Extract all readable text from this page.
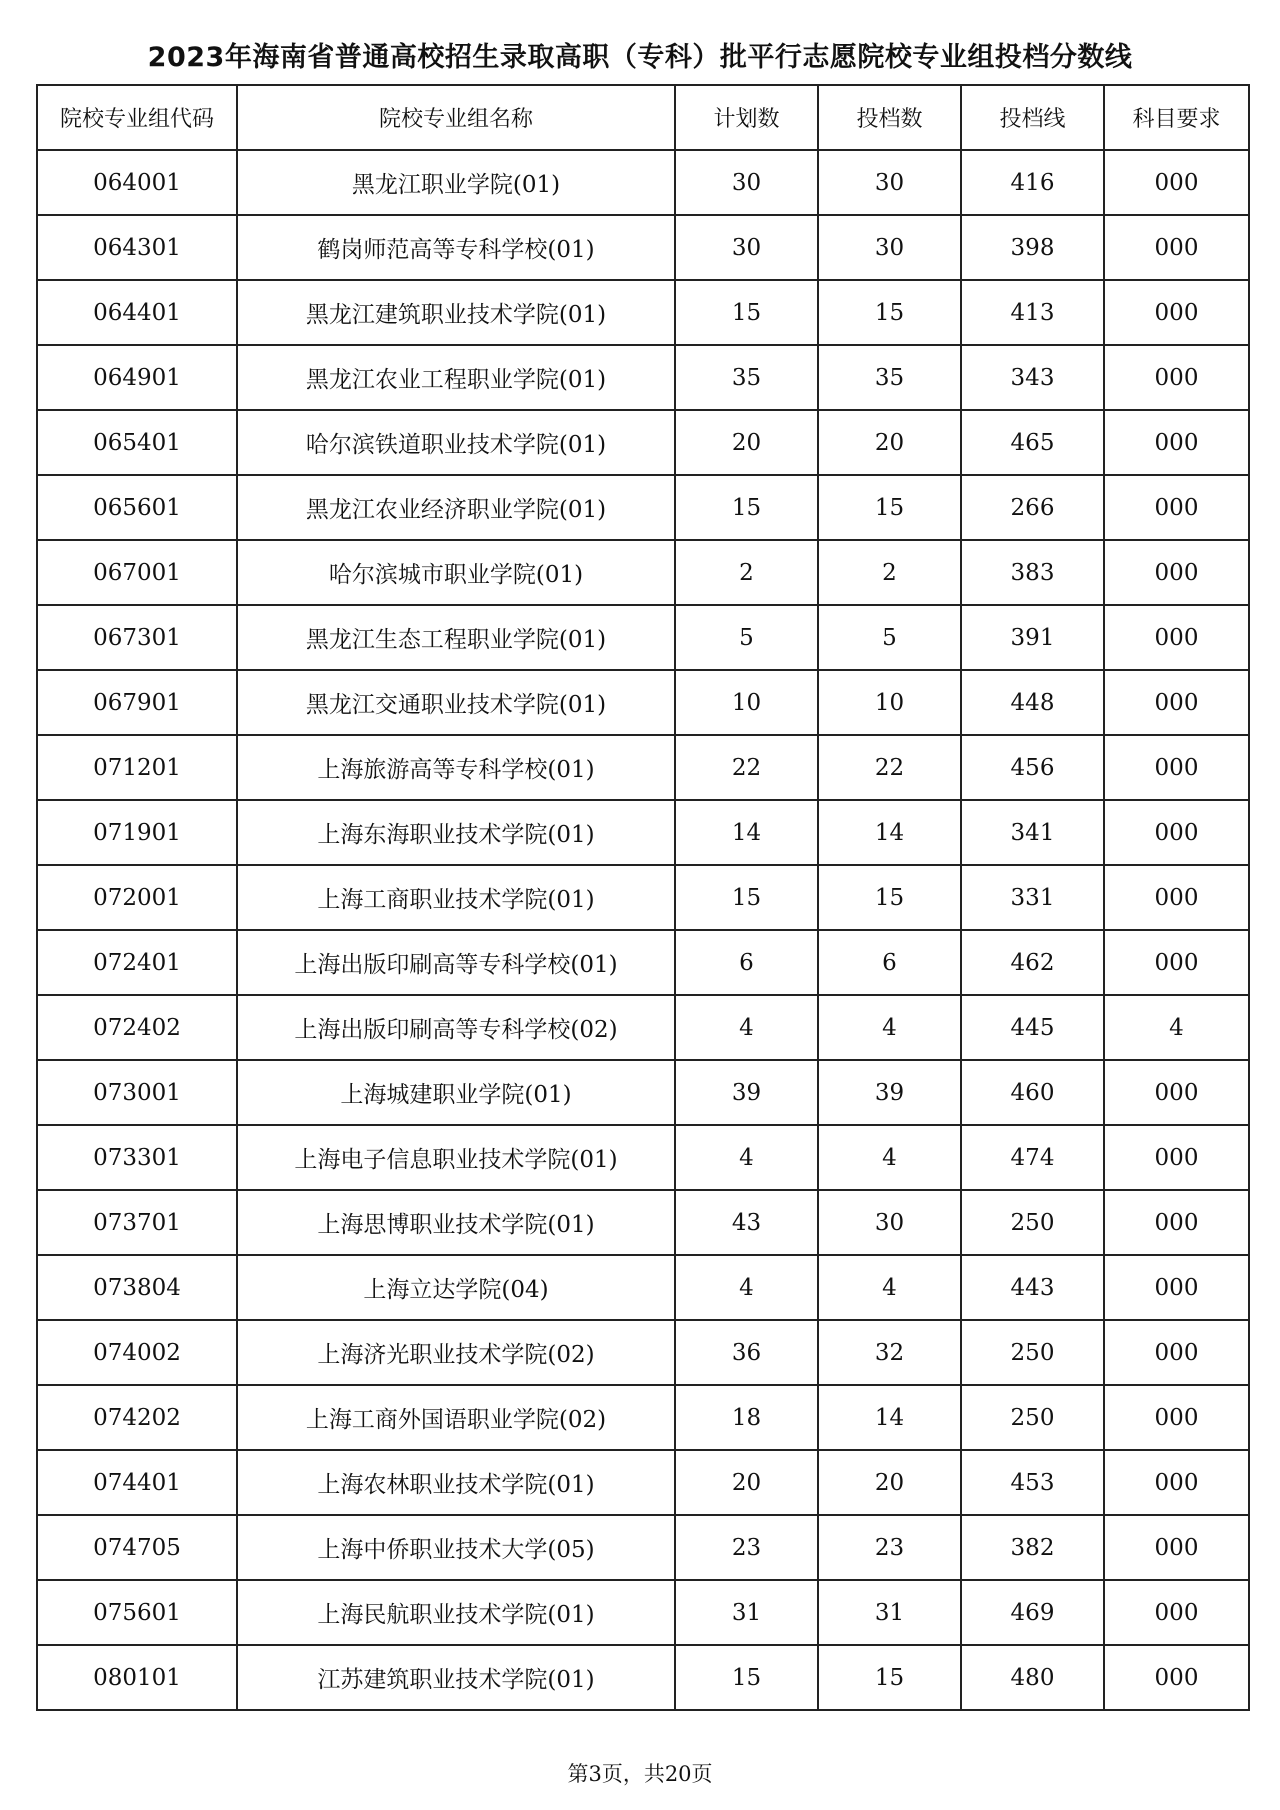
2023年海南省普通高校招生录取高职（专科）批平行志愿院校专业组投档分数线
院校专业组代码	院校专业组名称	计划数	投档数	投档线	科目要求
064001	黑龙江职业学院(01)	30	30	416	000
064301	鹤岗师范高等专科学校(01)	30	30	398	000
064401	黑龙江建筑职业技术学院(01)	15	15	413	000
064901	黑龙江农业工程职业学院(01)	35	35	343	000
065401	哈尔滨铁道职业技术学院(01)	20	20	465	000
065601	黑龙江农业经济职业学院(01)	15	15	266	000
067001	哈尔滨城市职业学院(01)	2	2	383	000
067301	黑龙江生态工程职业学院(01)	5	5	391	000
067901	黑龙江交通职业技术学院(01)	10	10	448	000
071201	上海旅游高等专科学校(01)	22	22	456	000
071901	上海东海职业技术学院(01)	14	14	341	000
072001	上海工商职业技术学院(01)	15	15	331	000
072401	上海出版印刷高等专科学校(01)	6	6	462	000
072402	上海出版印刷高等专科学校(02)	4	4	445	4
073001	上海城建职业学院(01)	39	39	460	000
073301	上海电子信息职业技术学院(01)	4	4	474	000
073701	上海思博职业技术学院(01)	43	30	250	000
073804	上海立达学院(04)	4	4	443	000
074002	上海济光职业技术学院(02)	36	32	250	000
074202	上海工商外国语职业学院(02)	18	14	250	000
074401	上海农林职业技术学院(01)	20	20	453	000
074705	上海中侨职业技术大学(05)	23	23	382	000
075601	上海民航职业技术学院(01)	31	31	469	000
080101	江苏建筑职业技术学院(01)	15	15	480	000
第3页，共20页
